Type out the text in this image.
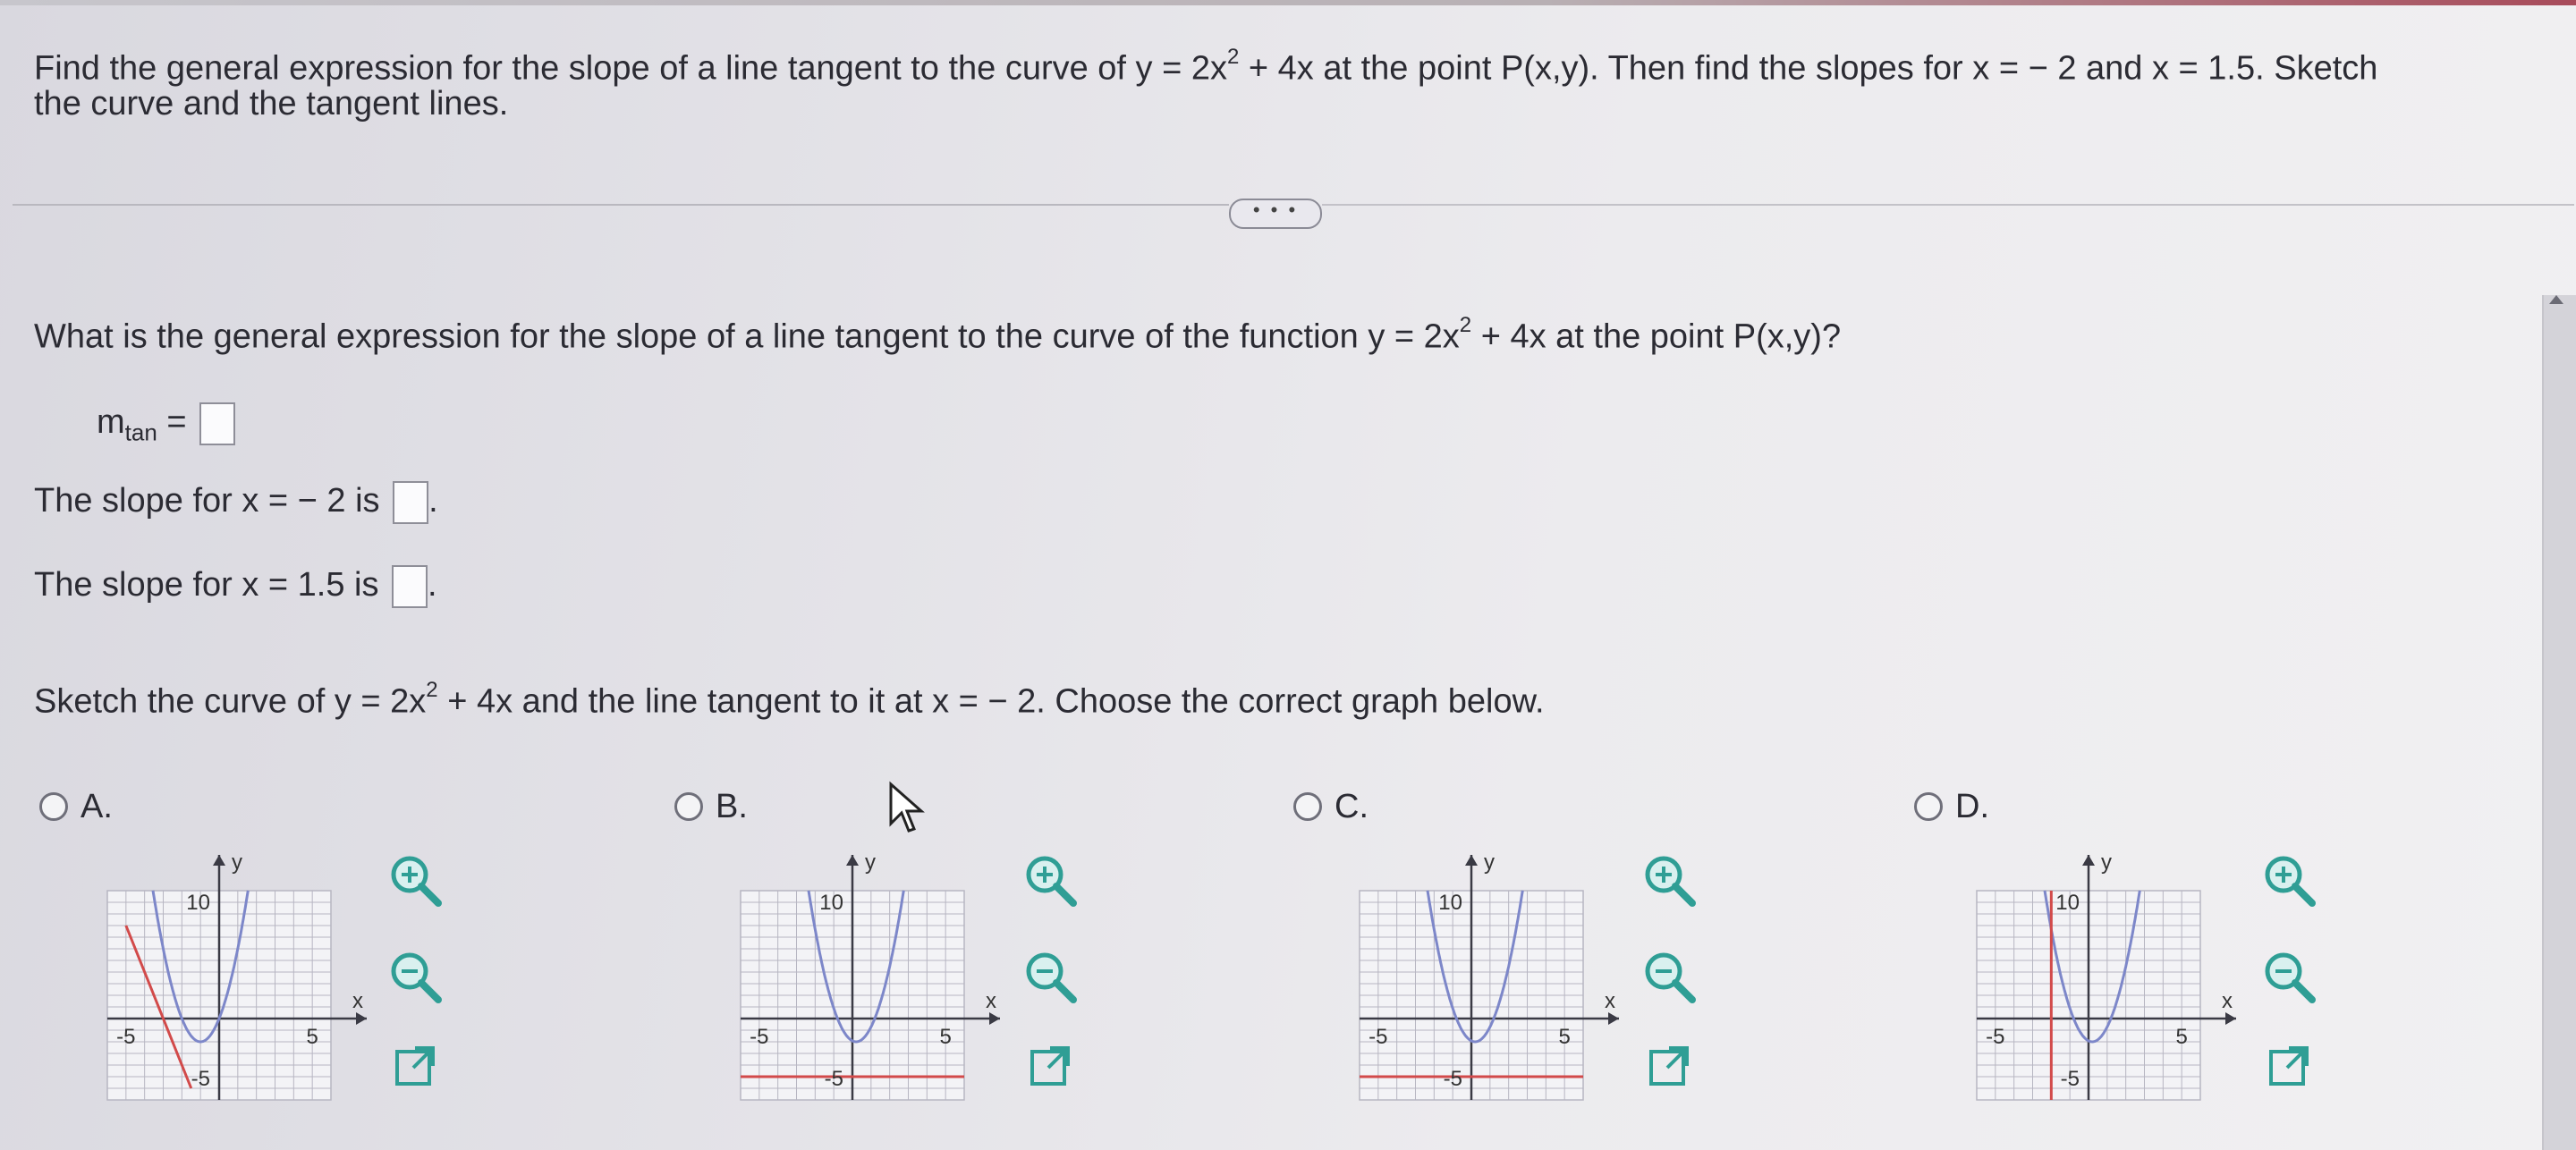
Find the general expression for the slope of a line tangent to the curve of $y = 2x^2 + 4x$ at the point P(x,y). Then find the slopes for x = − 2 and x = 1.5. Sketch
the curve and the tangent lines.
• • •
What is the general expression for the slope of a line tangent to the curve of the function $y = 2x^2 + 4x$ at the point P(x,y)?
$m_{tan}$ =
The slope for x = − 2 is .
The slope for x = 1.5 is .
Sketch the curve of $y = 2x^2 + 4x$ and the line tangent to it at x = − 2. Choose the correct graph below.
A.	B.	C.	D.
y
x
10
-5	5
-5
y
x
10
-5	5
-5
y
x
10
-5	5
-5
y
x
10
-5	5
-5
